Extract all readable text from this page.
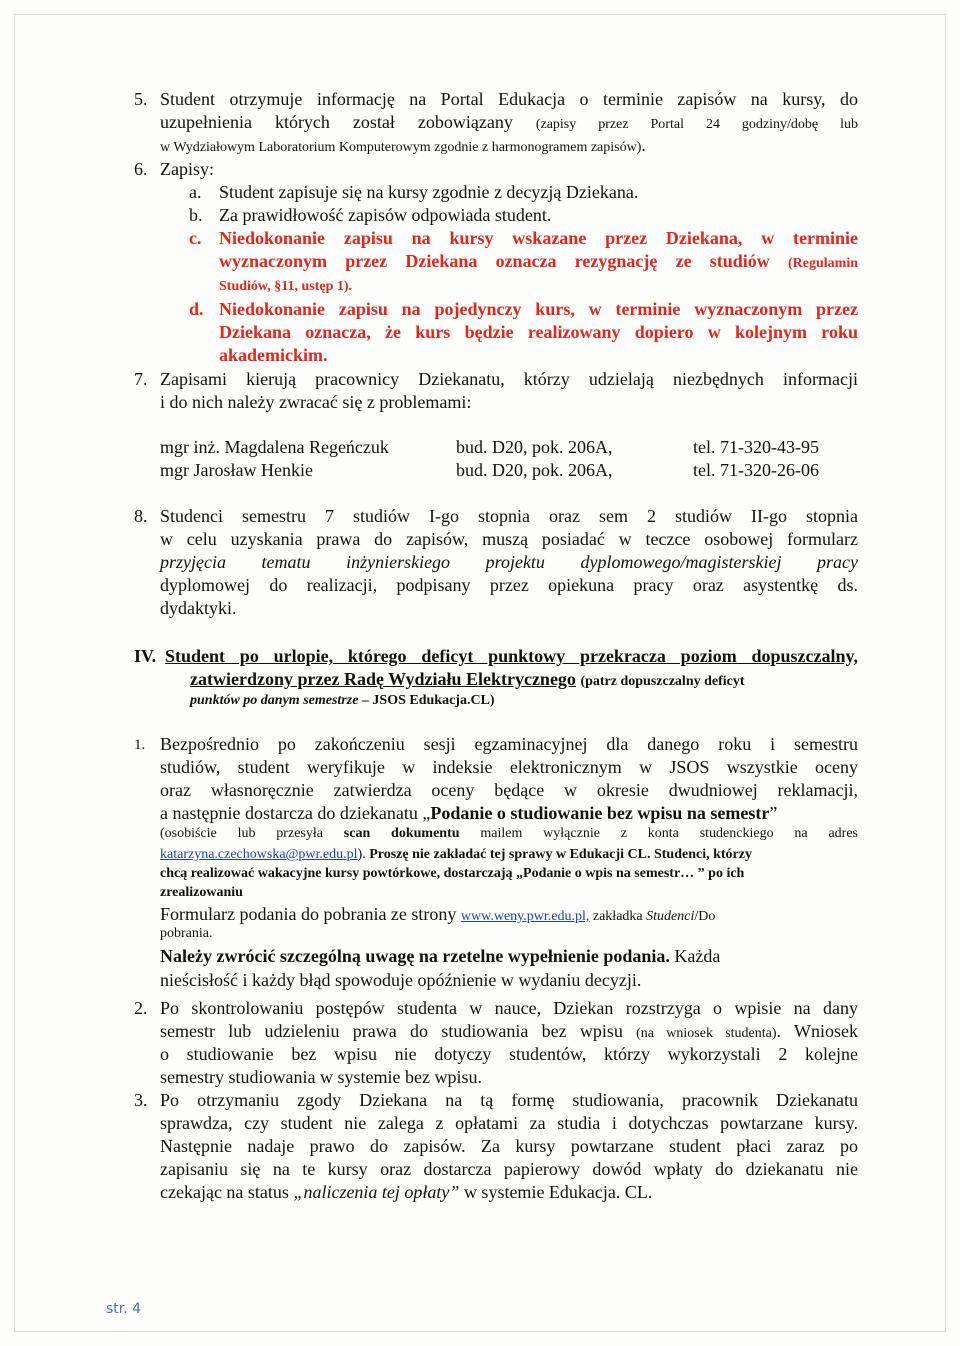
5. Student otrzymuje informację na Portal Edukacja o terminie zapisów na kursy, do
uzupełnienia których został zobowiązany (zapisy przez Portal 24 godziny/dobę lub
w Wydziałowym Laboratorium Komputerowym zgodnie z harmonogramem zapisów).
6. Zapisy:
a. Student zapisuje się na kursy zgodnie z decyzją Dziekana.
b. Za prawidłowość zapisów odpowiada student.
c. Niedokonanie zapisu na kursy wskazane przez Dziekana, w terminie
wyznaczonym przez Dziekana oznacza rezygnację ze studiów (Regulamin
Studiów, §11, ustęp 1).
d. Niedokonanie zapisu na pojedynczy kurs, w terminie wyznaczonym przez
Dziekana oznacza, że kurs będzie realizowany dopiero w kolejnym roku
akademickim.
7. Zapisami kierują pracownicy Dziekanatu, którzy udzielają niezbędnych informacji
i do nich należy zwracać się z problemami:
mgr inż. Magdalena Regeńczuk	bud. D20, pok. 206A,	tel. 71-320-43-95
mgr Jarosław Henkie	bud. D20, pok. 206A,	tel. 71-320-26-06
8. Studenci semestru 7 studiów I-go stopnia oraz sem 2 studiów II-go stopnia
w celu uzyskania prawa do zapisów, muszą posiadać w teczce osobowej formularz
przyjęcia tematu inżynierskiego projektu dyplomowego/magisterskiej pracy
dyplomowej do realizacji, podpisany przez opiekuna pracy oraz asystentkę ds.
dydaktyki.
IV. Student po urlopie, którego deficyt punktowy przekracza poziom dopuszczalny,
zatwierdzony przez Radę Wydziału Elektrycznego (patrz dopuszczalny deficyt
punktów po danym semestrze – JSOS Edukacja.CL)
1. Bezpośrednio po zakończeniu sesji egzaminacyjnej dla danego roku i semestru
studiów, student weryfikuje w indeksie elektronicznym w JSOS wszystkie oceny
oraz własnoręcznie zatwierdza oceny będące w okresie dwudniowej reklamacji,
a następnie dostarcza do dziekanatu „Podanie o studiowanie bez wpisu na semestr”
(osobiście lub przesyła scan dokumentu mailem wyłącznie z konta studenckiego na adres
katarzyna.czechowska@pwr.edu.pl). Proszę nie zakładać tej sprawy w Edukacji CL. Studenci, którzy
chcą realizować wakacyjne kursy powtórkowe, dostarczają „Podanie o wpis na semestr… ” po ich
zrealizowaniu
Formularz podania do pobrania ze strony www.weny.pwr.edu.pl, zakładka Studenci/Do
pobrania.
Należy zwrócić szczególną uwagę na rzetelne wypełnienie podania. Każda
nieścisłość i każdy błąd spowoduje opóźnienie w wydaniu decyzji.
2. Po skontrolowaniu postępów studenta w nauce, Dziekan rozstrzyga o wpisie na dany
semestr lub udzieleniu prawa do studiowania bez wpisu (na wniosek studenta). Wniosek
o studiowanie bez wpisu nie dotyczy studentów, którzy wykorzystali 2 kolejne
semestry studiowania w systemie bez wpisu.
3. Po otrzymaniu zgody Dziekana na tą formę studiowania, pracownik Dziekanatu
sprawdza, czy student nie zalega z opłatami za studia i dotychczas powtarzane kursy.
Następnie nadaje prawo do zapisów. Za kursy powtarzane student płaci zaraz po
zapisaniu się na te kursy oraz dostarcza papierowy dowód wpłaty do dziekanatu nie
czekając na status „naliczenia tej opłaty” w systemie Edukacja. CL.
str. 4
